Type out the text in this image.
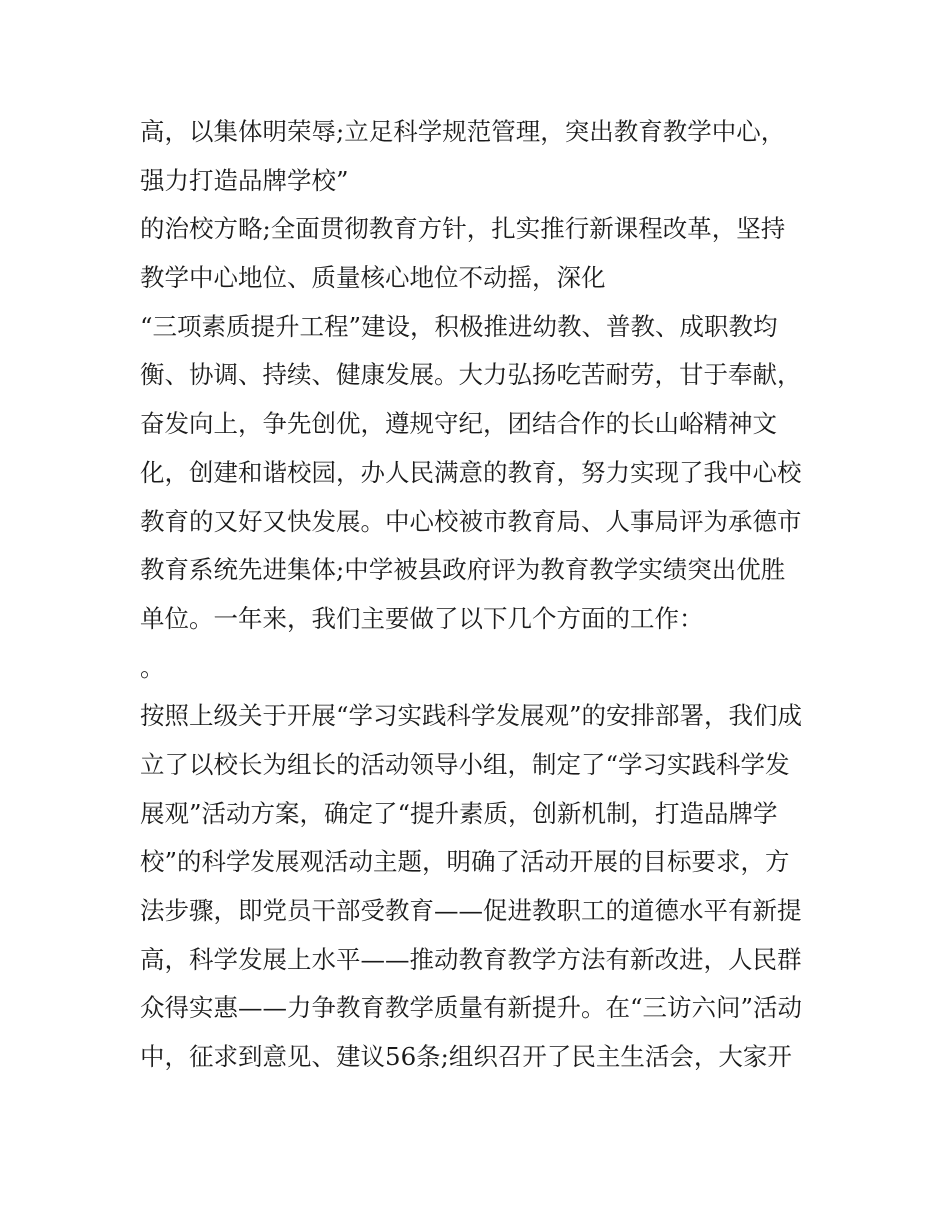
高，以集体明荣辱;立足科学规范管理，突出教育教学中心，
强力打造品牌学校”
的治校方略;全面贯彻教育方针，扎实推行新课程改革，坚持
教学中心地位、质量核心地位不动摇，深化
“三项素质提升工程”建设，积极推进幼教、普教、成职教均
衡、协调、持续、健康发展。大力弘扬吃苦耐劳，甘于奉献，
奋发向上，争先创优，遵规守纪，团结合作的长山峪精神文
化，创建和谐校园，办人民满意的教育，努力实现了我中心校
教育的又好又快发展。中心校被市教育局、人事局评为承德市
教育系统先进集体;中学被县政府评为教育教学实绩突出优胜
单位。一年来，我们主要做了以下几个方面的工作：
。
按照上级关于开展“学习实践科学发展观”的安排部署，我们成
立了以校长为组长的活动领导小组，制定了“学习实践科学发
展观”活动方案，确定了“提升素质，创新机制，打造品牌学
校”的科学发展观活动主题，明确了活动开展的目标要求，方
法步骤，即党员干部受教育——促进教职工的道德水平有新提
高，科学发展上水平——推动教育教学方法有新改进，人民群
众得实惠——力争教育教学质量有新提升。在“三访六问”活动
中，征求到意见、建议56条;组织召开了民主生活会，大家开
